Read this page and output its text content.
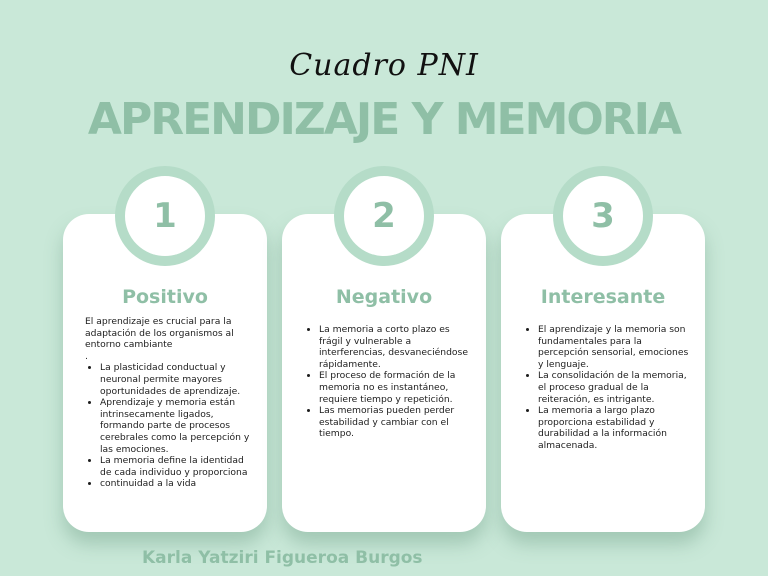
Cuadro PNI
APRENDIZAJE Y MEMORIA
1
Positivo

El aprendizaje es crucial para la adaptación de los organismos al entorno cambiante

.

• La plasticidad conductual y neuronal permite mayores oportunidades de aprendizaje.
• Aprendizaje y memoria están intrinsecamente ligados, formando parte de procesos cerebrales como la percepción y las emociones.
• La memoria define la identidad de cada individuo y proporciona
• continuidad a la vida
2
Negativo
• La memoria a corto plazo es frágil y vulnerable a interferencias, desvaneciéndose rápidamente.
• El proceso de formación de la memoria no es instantáneo, requiere tiempo y repetición.
• Las memorias pueden perder estabilidad y cambiar con el tiempo.
3
Interesante
• El aprendizaje y la memoria son fundamentales para la percepción sensorial, emociones y lenguaje.
• La consolidación de la memoria, el proceso gradual de la reiteración, es intrigante.
• La memoria a largo plazo proporciona estabilidad y durabilidad a la información almacenada.
Karla Yatziri Figueroa Burgos
